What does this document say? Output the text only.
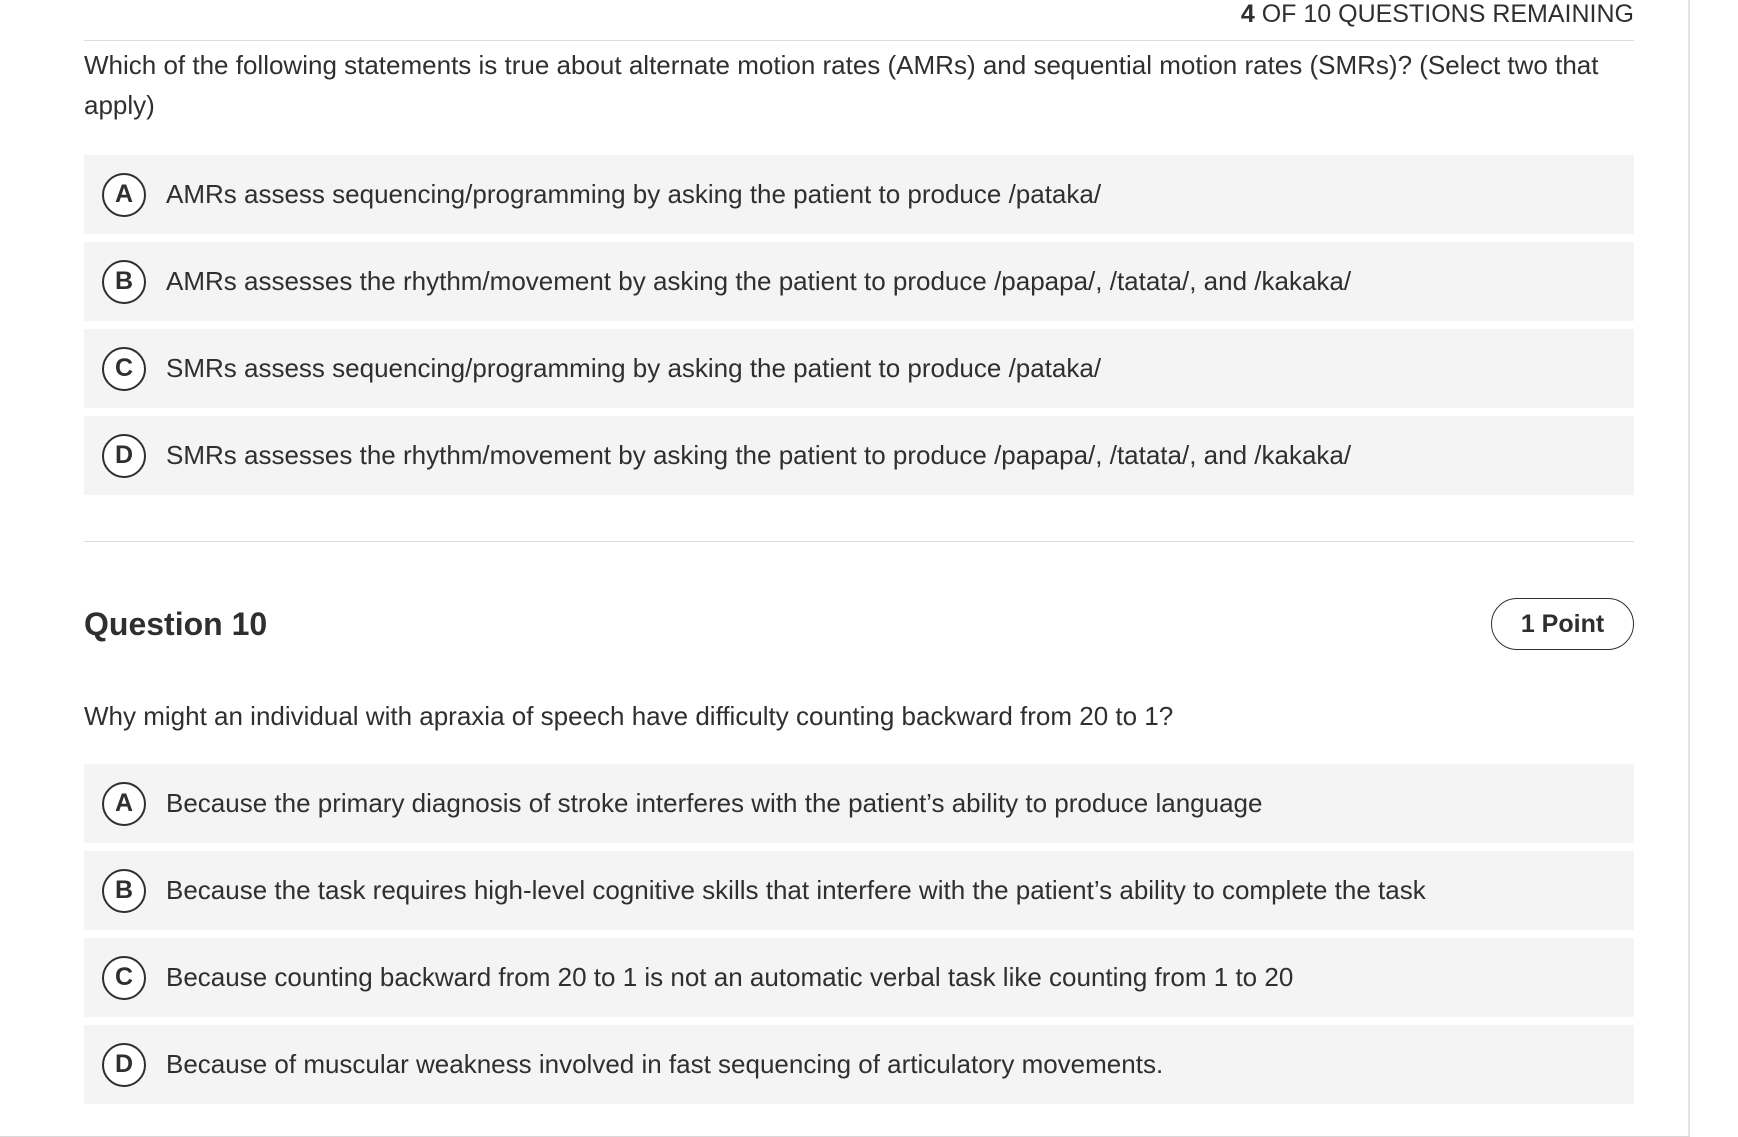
4 OF 10 QUESTIONS REMAINING
Which of the following statements is true about alternate motion rates (AMRs) and sequential motion rates (SMRs)? (Select two that apply)
A	AMRs assess sequencing/programming by asking the patient to produce /pataka/
B	AMRs assesses the rhythm/movement by asking the patient to produce /papapa/, /tatata/, and /kakaka/
C	SMRs assess sequencing/programming by asking the patient to produce /pataka/
D	SMRs assesses the rhythm/movement by asking the patient to produce /papapa/, /tatata/, and /kakaka/
Question 10	1 Point
Why might an individual with apraxia of speech have difficulty counting backward from 20 to 1?
A	Because the primary diagnosis of stroke interferes with the patient’s ability to produce language
B	Because the task requires high-level cognitive skills that interfere with the patient’s ability to complete the task
C	Because counting backward from 20 to 1 is not an automatic verbal task like counting from 1 to 20
D	Because of muscular weakness involved in fast sequencing of articulatory movements.
